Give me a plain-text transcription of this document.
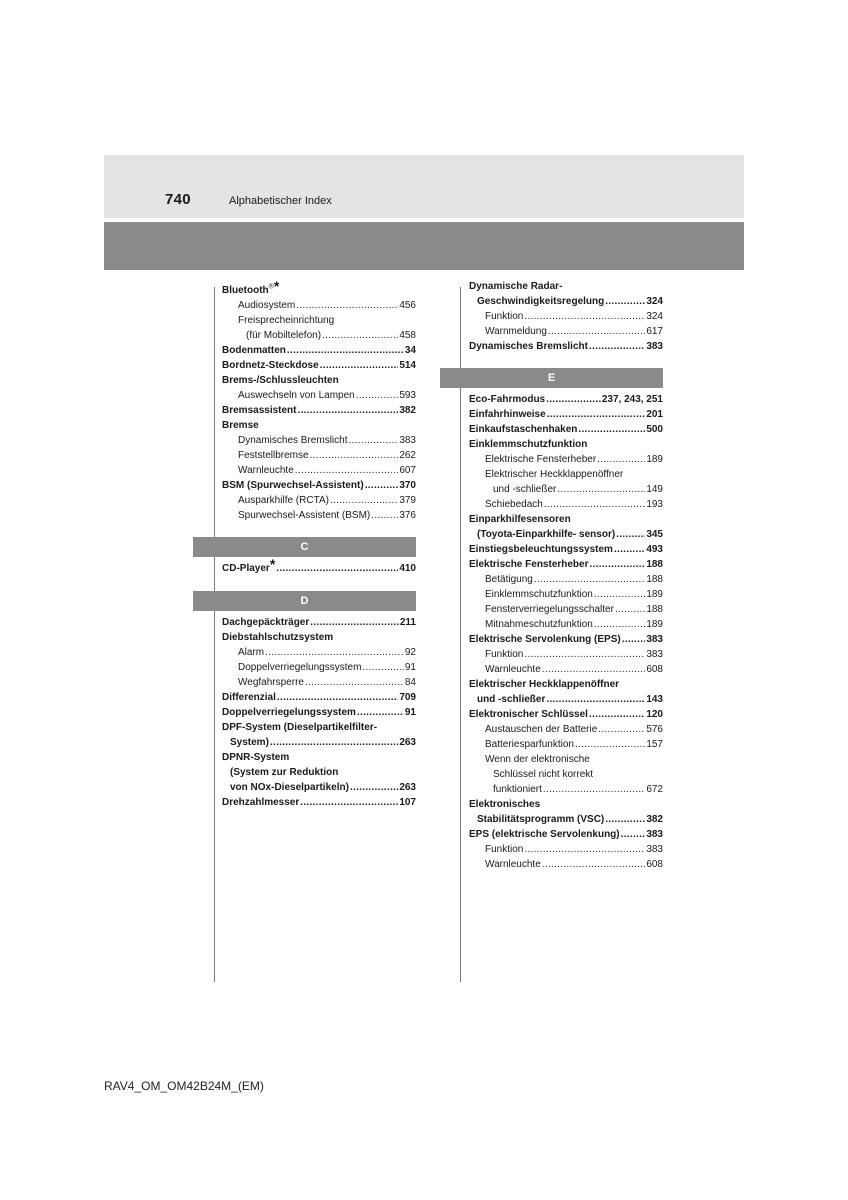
740	Alphabetischer Index
Bluetooth®*
Audiosystem .....	456
Freisprecheinrichtung
(für Mobiltelefon) .....	458
Bodenmatten .....	34
Bordnetz-Steckdose .....	514
Brems-/Schlussleuchten
Auswechseln von Lampen .....	593
Bremsassistent .....	382
Bremse
Dynamisches Bremslicht .....	383
Feststellbremse .....	262
Warnleuchte .....	607
BSM (Spurwechsel-Assistent) .....	370
Ausparkhilfe (RCTA) .....	379
Spurwechsel-Assistent (BSM) .....	376
C
CD-Player* .....	410
D
Dachgepäckträger .....	211
Diebstahlschutzsystem
Alarm .....	92
Doppelverriegelungssystem .....	91
Wegfahrsperre .....	84
Differenzial .....	709
Doppelverriegelungssystem .....	91
DPF-System (Dieselpartikelfilter-
System) .....	263
DPNR-System
(System zur Reduktion
von NOx-Dieselpartikeln) .....	263
Drehzahlmesser .....	107
Dynamische Radar-
Geschwindigkeitsregelung .....	324
Funktion .....	324
Warnmeldung .....	617
Dynamisches Bremslicht .....	383
E
Eco-Fahrmodus .....	237, 243, 251
Einfahrhinweise .....	201
Einkaufstaschenhaken .....	500
Einklemmschutzfunktion
Elektrische Fensterheber .....	189
Elektrischer Heckklappenöffner
und -schließer .....	149
Schiebedach .....	193
Einparkhilfesensoren
(Toyota-Einparkhilfe- sensor) .....	345
Einstiegsbeleuchtungssystem .....	493
Elektrische Fensterheber .....	188
Betätigung .....	188
Einklemmschutzfunktion .....	189
Fensterverriegelungsschalter .....	188
Mitnahmeschutzfunktion .....	189
Elektrische Servolenkung (EPS) .....	383
Funktion .....	383
Warnleuchte .....	608
Elektrischer Heckklappenöffner
und -schließer .....	143
Elektronischer Schlüssel .....	120
Austauschen der Batterie .....	576
Batteriesparfunktion .....	157
Wenn der elektronische
Schlüssel nicht korrekt
funktioniert .....	672
Elektronisches
Stabilitätsprogramm (VSC) .....	382
EPS (elektrische Servolenkung) .....	383
Funktion .....	383
Warnleuchte .....	608
RAV4_OM_OM42B24M_(EM)
